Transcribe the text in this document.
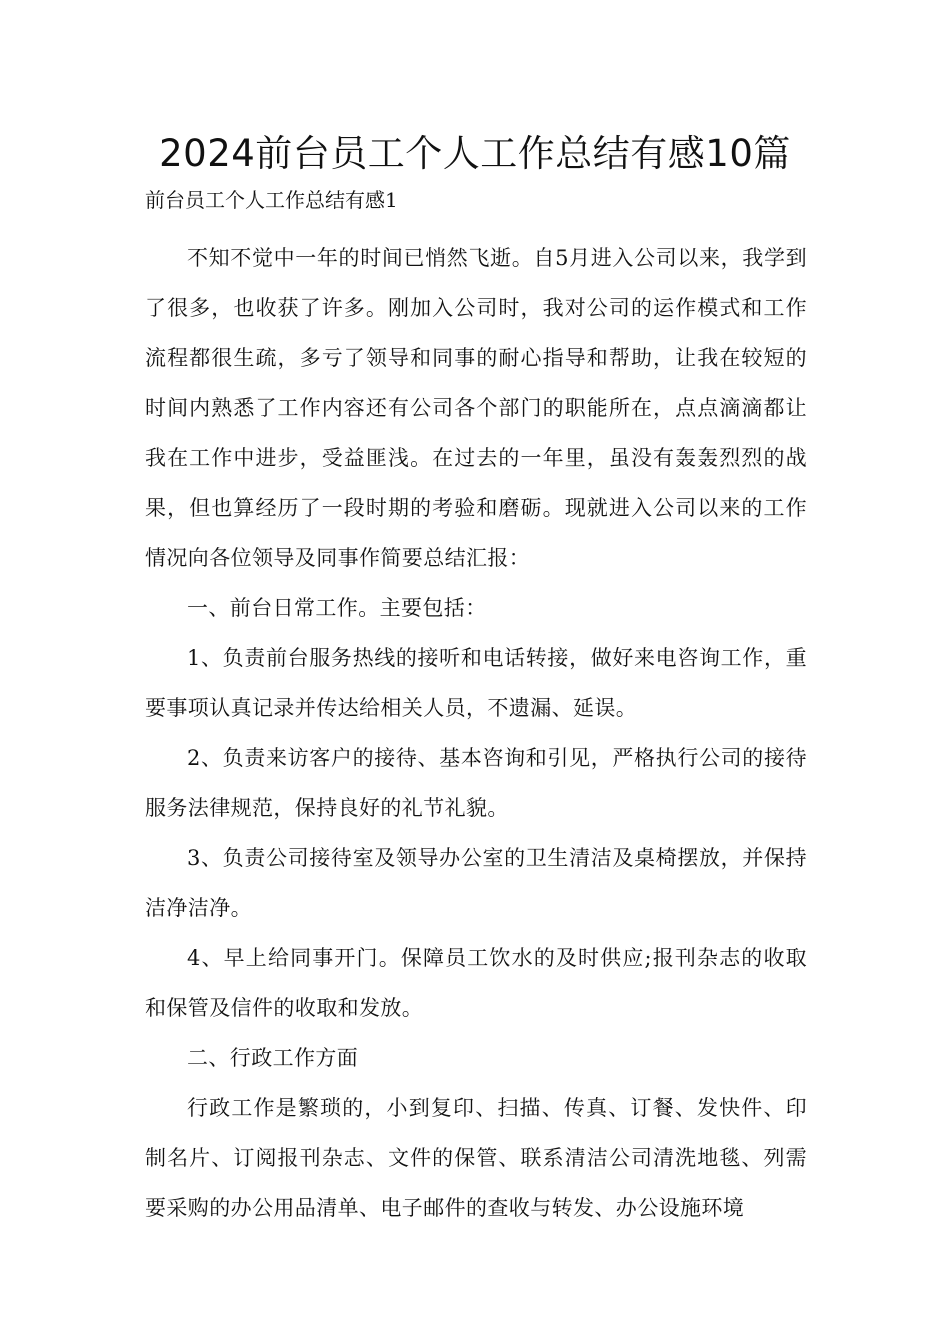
2024前台员工个人工作总结有感10篇
前台员工个人工作总结有感1

不知不觉中一年的时间已悄然飞逝。自5月进入公司以来，我学到了很多，也收获了许多。刚加入公司时，我对公司的运作模式和工作流程都很生疏，多亏了领导和同事的耐心指导和帮助，让我在较短的时间内熟悉了工作内容还有公司各个部门的职能所在，点点滴滴都让我在工作中进步，受益匪浅。在过去的一年里，虽没有轰轰烈烈的战果，但也算经历了一段时期的考验和磨砺。现就进入公司以来的工作情况向各位领导及同事作简要总结汇报：

一、前台日常工作。主要包括：

1、负责前台服务热线的接听和电话转接，做好来电咨询工作，重要事项认真记录并传达给相关人员，不遗漏、延误。

2、负责来访客户的接待、基本咨询和引见，严格执行公司的接待服务法律规范，保持良好的礼节礼貌。

3、负责公司接待室及领导办公室的卫生清洁及桌椅摆放，并保持洁净洁净。

4、早上给同事开门。保障员工饮水的及时供应;报刊杂志的收取和保管及信件的收取和发放。

二、行政工作方面

行政工作是繁琐的，小到复印、扫描、传真、订餐、发快件、印制名片、订阅报刊杂志、文件的保管、联系清洁公司清洗地毯、列需要采购的办公用品清单、电子邮件的查收与转发、办公设施环境
